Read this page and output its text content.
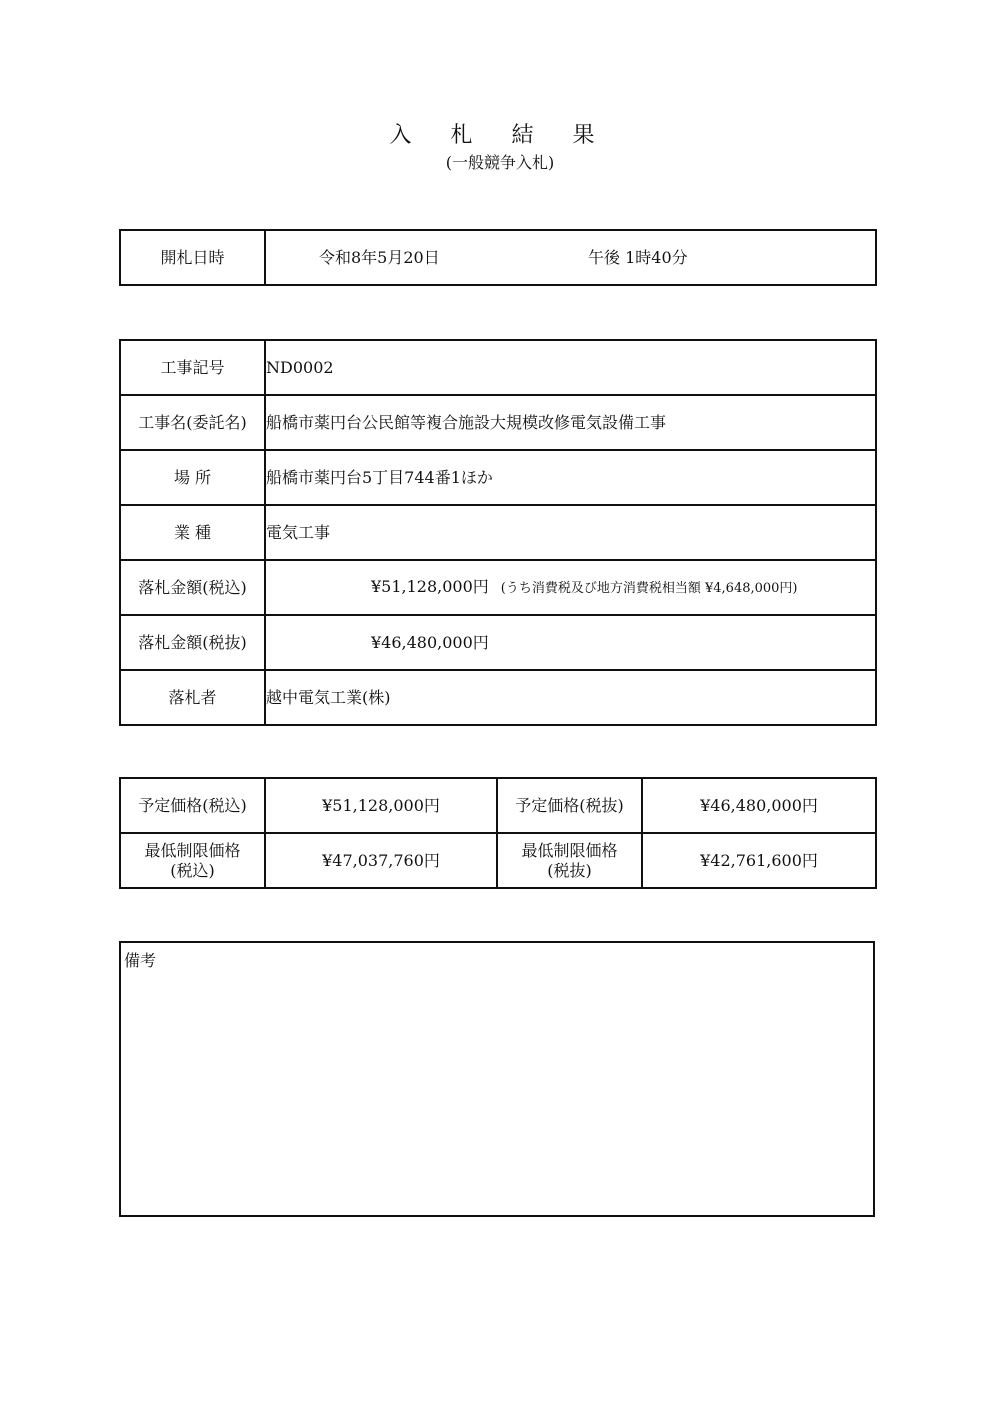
入 札 結 果
(一般競争入札)
開札日時	令和8年5月20日	午後 1時40分
工事記号	ND0002
工事名(委託名)	船橋市薬円台公民館等複合施設大規模改修電気設備工事
場 所	船橋市薬円台5丁目744番1ほか
業 種	電気工事
落札金額(税込)	¥51,128,000円 (うち消費税及び地方消費税相当額 ¥4,648,000円)
落札金額(税抜)	¥46,480,000円
落札者	越中電気工業(株)
予定価格(税込)	¥51,128,000円	予定価格(税抜)	¥46,480,000円
最低制限価格(税込)	¥47,037,760円	最低制限価格(税抜)	¥42,761,600円
備考
